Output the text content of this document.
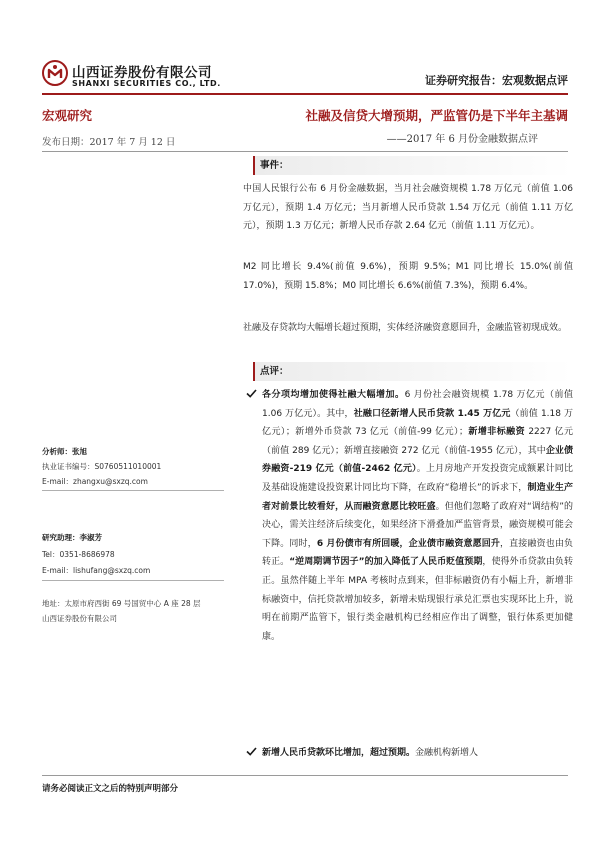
山西证券股份有限公司
SHANXI SECURITIES CO., LTD.	证券研究报告：宏观数据点评
宏观研究	社融及信贷大增预期，严监管仍是下半年主基调
——2017 年 6 月份金融数据点评
发布日期：2017 年 7 月 12 日
分析师：张旭
执业证书编号：S0760511010001
E-mail：zhangxu@sxzq.com
研究助理：李淑芳
Tel：0351-8686978
E-mail：lishufang@sxzq.com
地址：太原市府西街 69 号国贸中心 A 座 28 层
山西证券股份有限公司
事件：

中国人民银行公布 6 月份金融数据，当月社会融资规模 1.78 万亿元（前值 1.06 万亿元），预期 1.4 万亿元；当月新增人民币贷款 1.54 万亿元（前值 1.11 万亿元），预期 1.3 万亿元；新增人民币存款 2.64 亿元（前值 1.11 万亿元）。

M2 同比增长 9.4%(前值 9.6%)，预期 9.5%；M1 同比增长 15.0%(前值 17.0%)，预期 15.8%；M0 同比增长 6.6%(前值 7.3%)，预期 6.4%。

社融及存贷款均大幅增长超过预期，实体经济融资意愿回升，金融监管初现成效。

点评：

各分项均增加使得社融大幅增加。6 月份社会融资规模 1.78 万亿元（前值 1.06 万亿元）。其中，社融口径新增人民币贷款 1.45 万亿元（前值 1.18 万亿元）；新增外币贷款 73 亿元（前值-99 亿元）；新增非标融资 2227 亿元（前值 289 亿元）；新增直接融资 272 亿元（前值-1955 亿元），其中企业债券融资-219 亿元（前值-2462 亿元）。上月房地产开发投资完成额累计同比及基础设施建设投资累计同比均下降，在政府“稳增长”的诉求下，制造业生产者对前景比较看好，从而融资意愿比较旺盛。但他们忽略了政府对“调结构”的决心，需关注经济后续变化，如果经济下滑叠加严监管背景，融资规模可能会下降。同时，6 月份债市有所回暖，企业债市融资意愿回升，直接融资也由负转正。“逆周期调节因子”的加入降低了人民币贬值预期，使得外币贷款由负转正。虽然伴随上半年 MPA 考核时点到来，但非标融资仍有小幅上升，新增非标融资中，信托贷款增加较多，新增未贴现银行承兑汇票也实现环比上升，说明在前期严监管下，银行类金融机构已经相应作出了调整，银行体系更加健康。

新增人民币贷款环比增加，超过预期。金融机构新增人

请务必阅读正文之后的特别声明部分
